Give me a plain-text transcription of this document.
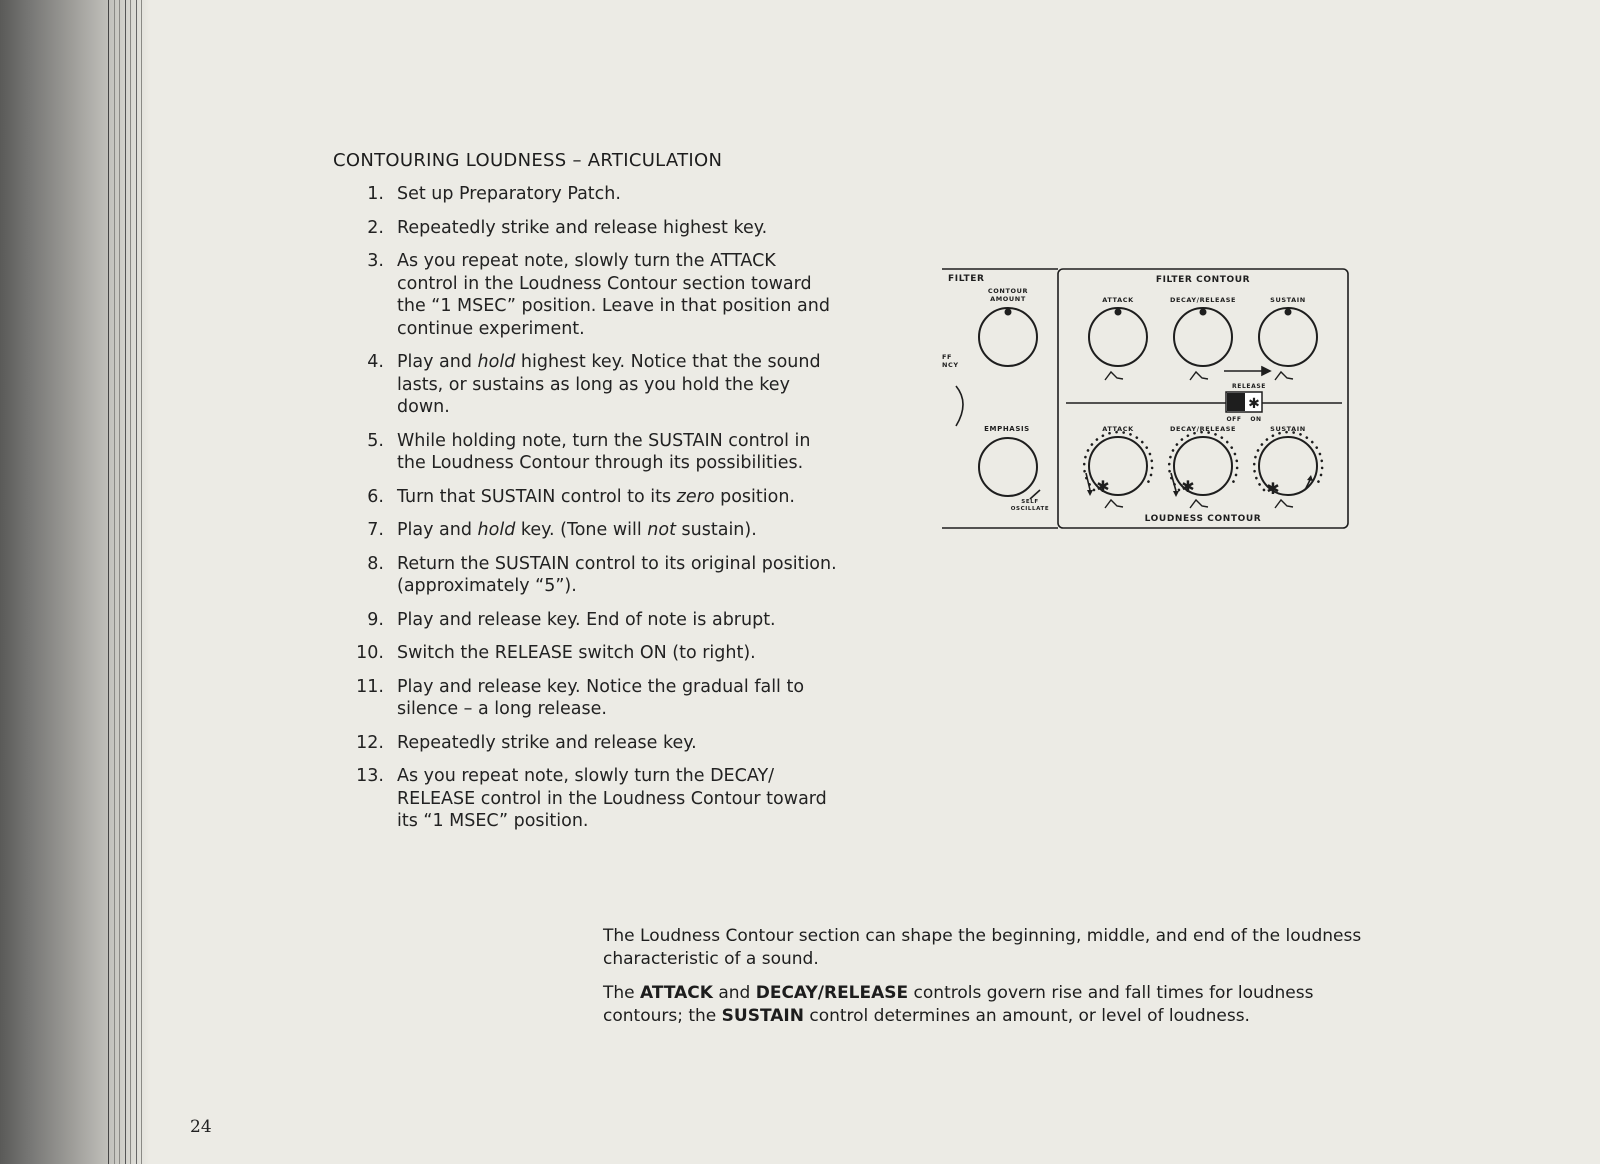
CONTOURING LOUDNESS – ARTICULATION
1. Set up Preparatory Patch.
2. Repeatedly strike and release highest key.
3. As you repeat note, slowly turn the ATTACK control in the Loudness Contour section toward the “1 MSEC” position. Leave in that position and continue experiment.
4. Play and hold highest key. Notice that the sound lasts, or sustains as long as you hold the key down.
5. While holding note, turn the SUSTAIN control in the Loudness Contour through its possibilities.
6. Turn that SUSTAIN control to its zero position.
7. Play and hold key. (Tone will not sustain).
8. Return the SUSTAIN control to its original position. (approximately “5”).
9. Play and release key. End of note is abrupt.
10. Switch the RELEASE switch ON (to right).
11. Play and release key. Notice the gradual fall to silence – a long release.
12. Repeatedly strike and release key.
13. As you repeat note, slowly turn the DECAY/ RELEASE control in the Loudness Contour toward its “1 MSEC” position.
FILTER
CONTOUR
AMOUNT
FF
NCY
EMPHASIS
SELF
OSCILLATE
FILTER CONTOUR
ATTACK	DECAY/RELEASE	SUSTAIN
RELEASE
OFF ON
ATTACK	DECAY/RELEASE	SUSTAIN
LOUDNESS CONTOUR
✱	✱	✱
✱

The Loudness Contour section can shape the beginning, middle, and end of the loudness characteristic of a sound.

The ATTACK and DECAY/RELEASE controls govern rise and fall times for loudness contours; the SUSTAIN control determines an amount, or level of loudness.

24
